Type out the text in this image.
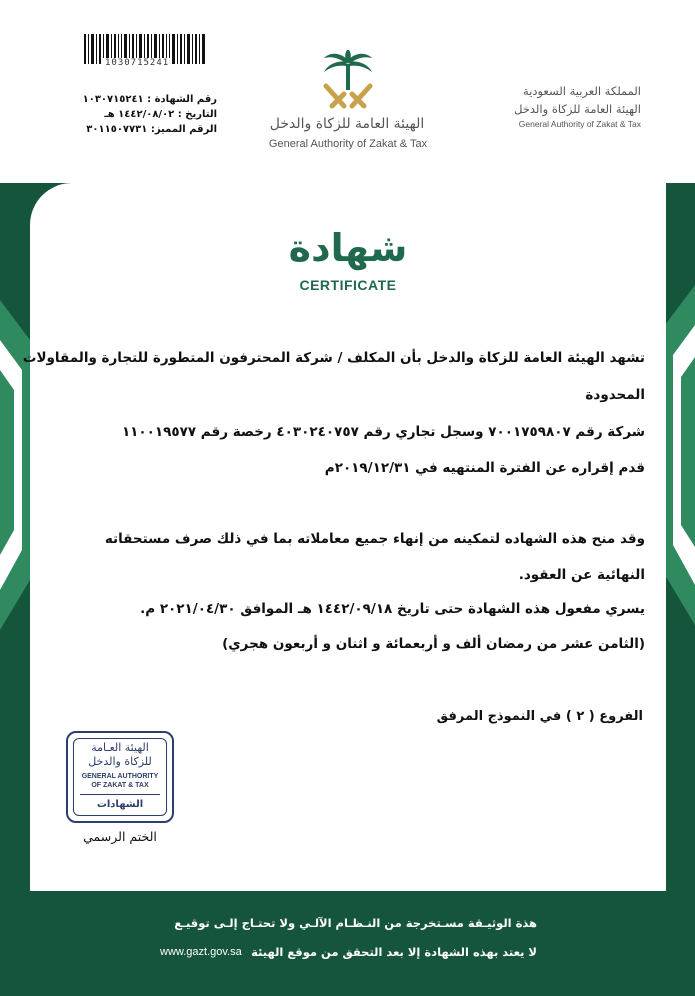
1030715241
رقم الشهادة : ١٠٣٠٧١٥٢٤١
التاريخ : ١٤٤٢/٠٨/٠٢ هـ
الرقم المميز: ٣٠١١٥٠٧٧٣١	الهيئة العامة للزكاة والدخل
General Authority of Zakat & Tax
المملكة العربية السعودية
الهيئة العامة للزكاة والدخل
General Authority of Zakat & Tax
شهادة
CERTIFICATE
تشهد الهيئة العامة للزكاة والدخل بأن المكلف / شركة المحترفون المتطورة للتجارة والمقاولات
المحدودة
شركة رقم ٧٠٠١٧٥٩٨٠٧ وسجل تجاري رقم ٤٠٣٠٢٤٠٧٥٧ رخصة رقم ١١٠٠١٩٥٧٧
قدم إقراره عن الفترة المنتهيه في ٢٠١٩/١٢/٣١م
وقد منح هذه الشهاده لتمكينه من إنهاء جميع معاملاته بما في ذلك صرف مستحقاته
النهائية عن العقود.
يسري مفعول هذه الشهادة حتى تاريخ ١٤٤٢/٠٩/١٨ هـ الموافق ٢٠٢١/٠٤/٣٠ م.
(الثامن عشر من رمضان ألف و أربعمائة و اثنان و أربعون هجري)
الفروع ( ٢ ) في النموذج المرفق
الهيئة العـامة
للزكاة والدخل
GENERAL AUTHORITY
OF ZAKAT & TAX
الشهادات
الختم الرسمي
هذة الوثيـقة مسـتخرجة من النـظـام الآلـي ولا تحتـاج إلـى توقيـع
لا يعتد بهذه الشهادة إلا بعد التحقق من موقع الهيئة
www.gazt.gov.sa
